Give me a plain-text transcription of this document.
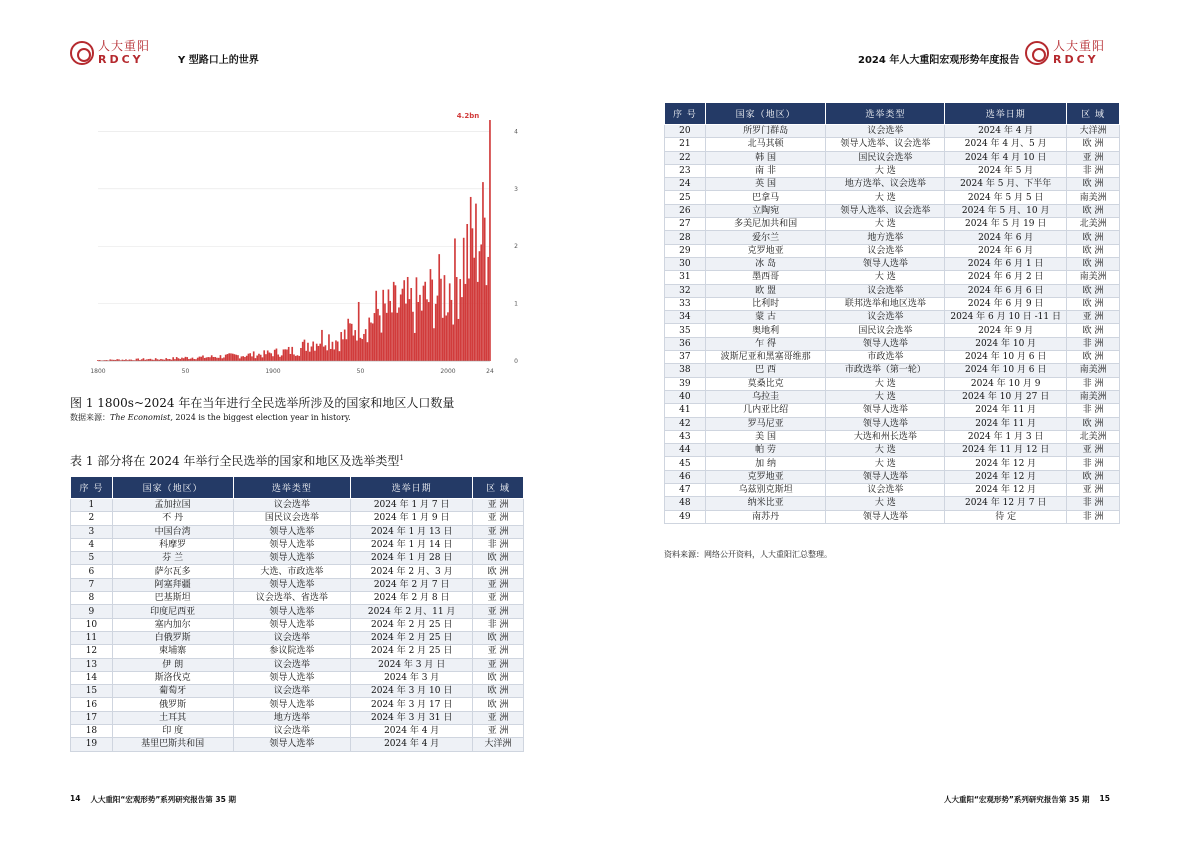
人大重阳
RDCY	Y 型路口上的世界
1800	50	1900	50	2000	24
0
1
2
3
4
4.2bn
图 1 1800s~2024 年在当年进行全民选举所涉及的国家和地区人口数量
数据来源：The Economist, 2024 is the biggest election year in history.
表 1 部分将在 2024 年举行全民选举的国家和地区及选举类型$^1$
序 号	国家（地区）	选举类型	选举日期	区 域
1	孟加拉国	议会选举	2024 年 1 月 7 日	亚 洲
2	不 丹	国民议会选举	2024 年 1 月 9 日	亚 洲
3	中国台湾	领导人选举	2024 年 1 月 13 日	亚 洲
4	科摩罗	领导人选举	2024 年 1 月 14 日	非 洲
5	芬 兰	领导人选举	2024 年 1 月 28 日	欧 洲
6	萨尔瓦多	大选、市政选举	2024 年 2 月、3 月	欧 洲
7	阿塞拜疆	领导人选举	2024 年 2 月 7 日	亚 洲
8	巴基斯坦	议会选举、省选举	2024 年 2 月 8 日	亚 洲
9	印度尼西亚	领导人选举	2024 年 2 月、11 月	亚 洲
10	塞内加尔	领导人选举	2024 年 2 月 25 日	非 洲
11	白俄罗斯	议会选举	2024 年 2 月 25 日	欧 洲
12	柬埔寨	参议院选举	2024 年 2 月 25 日	亚 洲
13	伊 朗	议会选举	2024 年 3 月 日	亚 洲
14	斯洛伐克	领导人选举	2024 年 3 月	欧 洲
15	葡萄牙	议会选举	2024 年 3 月 10 日	欧 洲
16	俄罗斯	领导人选举	2024 年 3 月 17 日	欧 洲
17	土耳其	地方选举	2024 年 3 月 31 日	亚 洲
18	印 度	议会选举	2024 年 4 月	亚 洲
19	基里巴斯共和国	领导人选举	2024 年 4 月	大洋洲
14 人大重阳“宏观形势”系列研究报告第 35 期
2024 年人大重阳宏观形势年度报告
人大重阳
RDCY
序 号	国家（地区）	选举类型	选举日期	区 域
20	所罗门群岛	议会选举	2024 年 4 月	大洋洲
21	北马其顿	领导人选举、议会选举	2024 年 4 月、5 月	欧 洲
22	韩 国	国民议会选举	2024 年 4 月 10 日	亚 洲
23	南 非	大 选	2024 年 5 月	非 洲
24	英 国	地方选举、议会选举	2024 年 5 月、下半年	欧 洲
25	巴拿马	大 选	2024 年 5 月 5 日	南美洲
26	立陶宛	领导人选举、议会选举	2024 年 5 月、10 月	欧 洲
27	多美尼加共和国	大 选	2024 年 5 月 19 日	北美洲
28	爱尔兰	地方选举	2024 年 6 月	欧 洲
29	克罗地亚	议会选举	2024 年 6 月	欧 洲
30	冰 岛	领导人选举	2024 年 6 月 1 日	欧 洲
31	墨西哥	大 选	2024 年 6 月 2 日	南美洲
32	欧 盟	议会选举	2024 年 6 月 6 日	欧 洲
33	比利时	联邦选举和地区选举	2024 年 6 月 9 日	欧 洲
34	蒙 古	议会选举	2024 年 6 月 10 日 -11 日	亚 洲
35	奥地利	国民议会选举	2024 年 9 月	欧 洲
36	乍 得	领导人选举	2024 年 10 月	非 洲
37	波斯尼亚和黑塞哥维那	市政选举	2024 年 10 月 6 日	欧 洲
38	巴 西	市政选举（第一轮）	2024 年 10 月 6 日	南美洲
39	莫桑比克	大 选	2024 年 10 月 9	非 洲
40	乌拉圭	大 选	2024 年 10 月 27 日	南美洲
41	几内亚比绍	领导人选举	2024 年 11 月	非 洲
42	罗马尼亚	领导人选举	2024 年 11 月	欧 洲
43	美 国	大选和州长选举	2024 年 1 月 3 日	北美洲
44	帕 劳	大 选	2024 年 11 月 12 日	亚 洲
45	加 纳	大 选	2024 年 12 月	非 洲
46	克罗地亚	领导人选举	2024 年 12 月	欧 洲
47	乌兹别克斯坦	议会选举	2024 年 12 月	亚 洲
48	纳米比亚	大 选	2024 年 12 月 7 日	非 洲
49	南苏丹	领导人选举	待 定	非 洲
资料来源：网络公开资料，人大重阳汇总整理。
人大重阳“宏观形势”系列研究报告第 35 期 15
